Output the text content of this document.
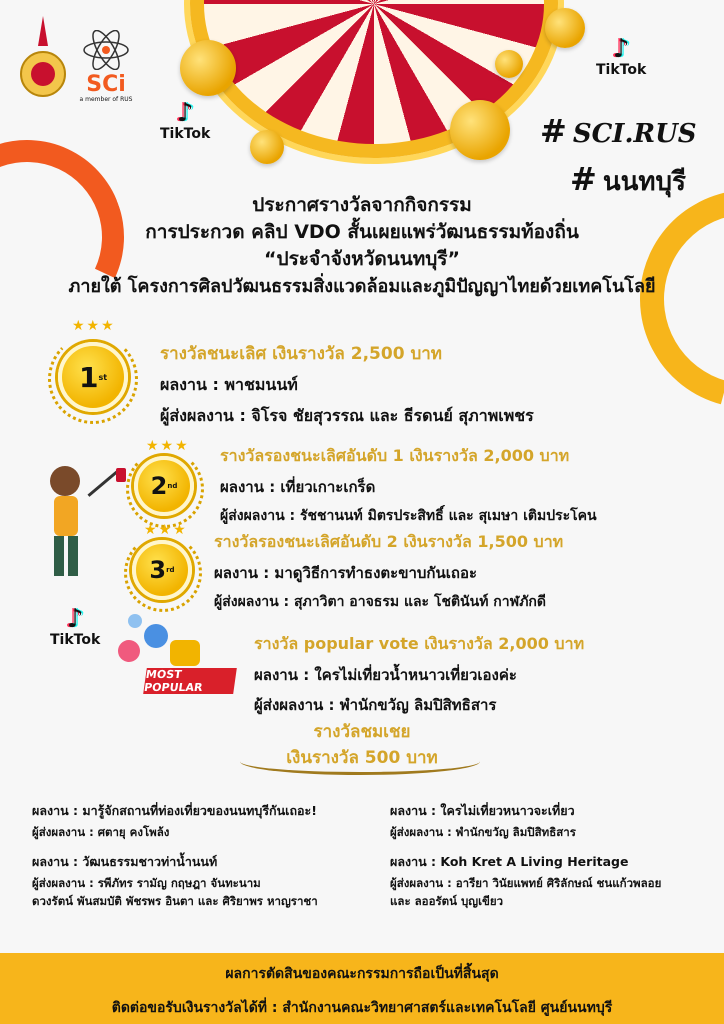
SCi
a member of RUS ♪
TikTok
♪
TikTok
♪
TikTok
# SCI.RUS
# นนทบุรี
ประกาศรางวัลจากกิจกรรม
การประกวด คลิป VDO สั้นเผยแพร่วัฒนธรรมท้องถิ่น
“ประจำจังหวัดนนทบุรี”
ภายใต้ โครงการศิลปวัฒนธรรมสิ่งแวดล้อมและภูมิปัญญาไทยด้วยเทคโนโลยี
★★★
1 st
รางวัลชนะเลิศ เงินรางวัล 2,500 บาท
ผลงาน : พาชมนนท์
ผู้ส่งผลงาน : จิโรจ ชัยสุวรรณ และ ธีรดนย์ สุภาพเพชร
★★★
2 nd
รางวัลรองชนะเลิศอันดับ 1 เงินรางวัล 2,000 บาท
ผลงาน : เที่ยวเกาะเกร็ด
ผู้ส่งผลงาน : รัชชานนท์ มิตรประสิทธิ์ และ สุเมษา เติมประโคน
★★★
3 rd
รางวัลรองชนะเลิศอันดับ 2 เงินรางวัล 1,500 บาท
ผลงาน : มาดูวิธีการทำธงตะขาบกันเถอะ
ผู้ส่งผลงาน : สุภาวิตา อาจธรม และ โชตินันท์ กาฬภักดี
MOST POPULAR
รางวัล popular vote เงินรางวัล 2,000 บาท
ผลงาน : ใครไม่เที่ยวน้ำหนาวเที่ยวเองค่ะ
ผู้ส่งผลงาน : พำนักขวัญ ลิมปิสิทธิสาร
รางวัลชมเชย
เงินรางวัล 500 บาท
ผลงาน : มารู้จักสถานที่ท่องเที่ยวของนนทบุรีกันเถอะ!
ผู้ส่งผลงาน : ศตายุ คงโพล้ง
ผลงาน : วัฒนธรรมชาวท่าน้ำนนท์
ผู้ส่งผลงาน : รพีภัทร รามัญ กฤษฎา จันทะนาม
ดวงรัตน์ พันสมบัติ พัชรพร อินตา และ ศิริยาพร หาญราชา
ผลงาน : ใครไม่เที่ยวหนาวจะเที่ยว
ผู้ส่งผลงาน : พำนักขวัญ ลิมปิสิทธิสาร
ผลงาน : Koh Kret A Living Heritage
ผู้ส่งผลงาน : อารียา วินัยแพทย์ ศิริลักษณ์ ชนแก้วพลอย
และ ลออรัตน์ บุญเขียว
ผลการตัดสินของคณะกรรมการถือเป็นที่สิ้นสุด
ติดต่อขอรับเงินรางวัลได้ที่ : สำนักงานคณะวิทยาศาสตร์และเทคโนโลยี ศูนย์นนทบุรี
